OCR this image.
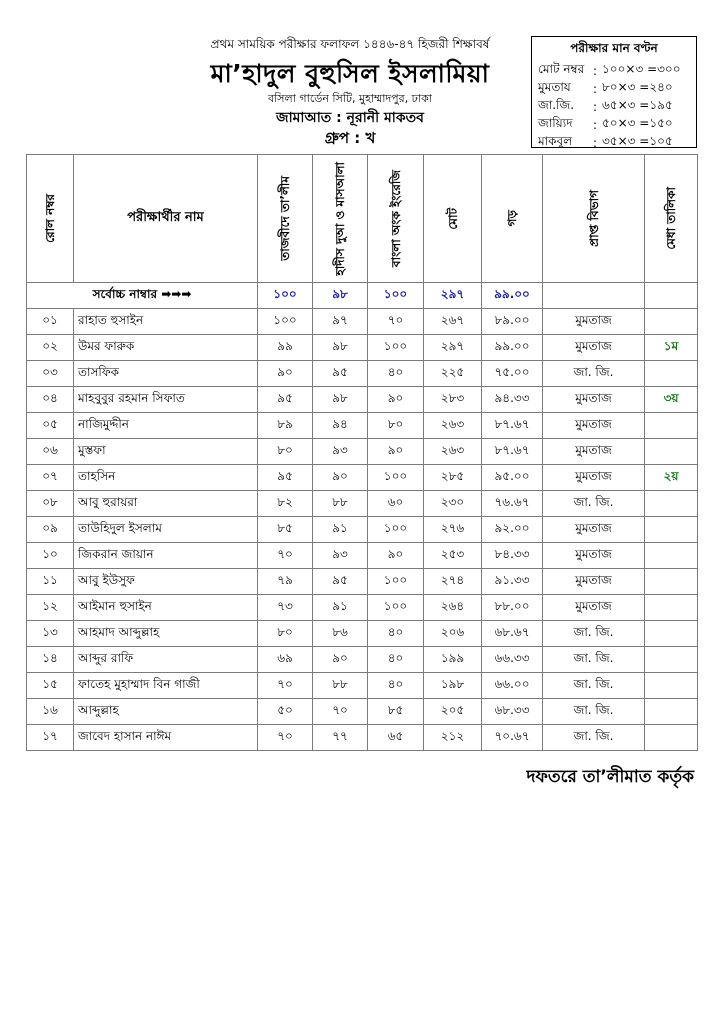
প্রথম সাময়িক পরীক্ষার ফলাফল ১৪৪৬-৪৭ হিজরী শিক্ষাবর্ষ
মা’হাদুল বুহুসিল ইসলামিয়া
বসিলা গার্ডেন সিটি, মুহাম্মাদপুর, ঢাকা
জামাআত : নূরানী মাকতব
গ্রুপ : খ
পরীক্ষার মান বণ্টন
মোট নম্বর : ১০০×৩ =৩০০
মুমতায	: ৮০×৩ =২৪০
জা.জি.	: ৬৫×৩ =১৯৫
জায়্যিদ	: ৫০×৩ =১৫০
মাকবূল	: ৩৫×৩ =১০৫
রোল নম্বর	পরীক্ষার্থীর নাম	তাজবীদে তা’লীম	হাদীস দুআ ও মাসআলা	বাংলা অংক ইংরেজি	মোট	গড়	প্রাপ্ত বিভাগ	মেধা তালিকা

সর্বোচ্চ নাম্বার ➡➡➡		১০০	৯৮	১০০	২৯৭	৯৯.০০		
০১	রাহাত হুসাইন	১০০	৯৭	৭০	২৬৭	৮৯.০০	মুমতাজ	
০২	উমর ফারুক	৯৯	৯৮	১০০	২৯৭	৯৯.০০	মুমতাজ	১ম
০৩	তাসফিক	৯০	৯৫	৪০	২২৫	৭৫.০০	জা. জি.	
০৪	মাহবুবুর রহমান সিফাত	৯৫	৯৮	৯০	২৮৩	৯৪.৩৩	মুমতাজ	৩য়
০৫	নাজিমুদ্দীন	৮৯	৯৪	৮০	২৬৩	৮৭.৬৭	মুমতাজ	
০৬	মুস্তফা	৮০	৯৩	৯০	২৬৩	৮৭.৬৭	মুমতাজ	
০৭	তাহসিন	৯৫	৯০	১০০	২৮৫	৯৫.০০	মুমতাজ	২য়
০৮	আবু হুরায়রা	৮২	৮৮	৬০	২৩০	৭৬.৬৭	জা. জি.	
০৯	তাউহিদুল ইসলাম	৮৫	৯১	১০০	২৭৬	৯২.০০	মুমতাজ	
১০	জিকরান জায়ান	৭০	৯৩	৯০	২৫৩	৮৪.৩৩	মুমতাজ	
১১	আবু ইউসুফ	৭৯	৯৫	১০০	২৭৪	৯১.৩৩	মুমতাজ	
১২	আইমান হুসাইন	৭৩	৯১	১০০	২৬৪	৮৮.০০	মুমতাজ	
১৩	আহমাদ আব্দুল্লাহ	৮০	৮৬	৪০	২০৬	৬৮.৬৭	জা. জি.	
১৪	আব্দুর রাফি	৬৯	৯০	৪০	১৯৯	৬৬.৩৩	জা. জি.	
১৫	ফাতেহ মুহাম্মাদ বিন গাজী	৭০	৮৮	৪০	১৯৮	৬৬.০০	জা. জি.	
১৬	আব্দুল্লাহ	৫০	৭০	৮৫	২০৫	৬৮.৩৩	জা. জি.	
১৭	জাবেদ হাসান নাঈম	৭০	৭৭	৬৫	২১২	৭০.৬৭	জা. জি.	
দফতরে তা’লীমাত কর্তৃক
